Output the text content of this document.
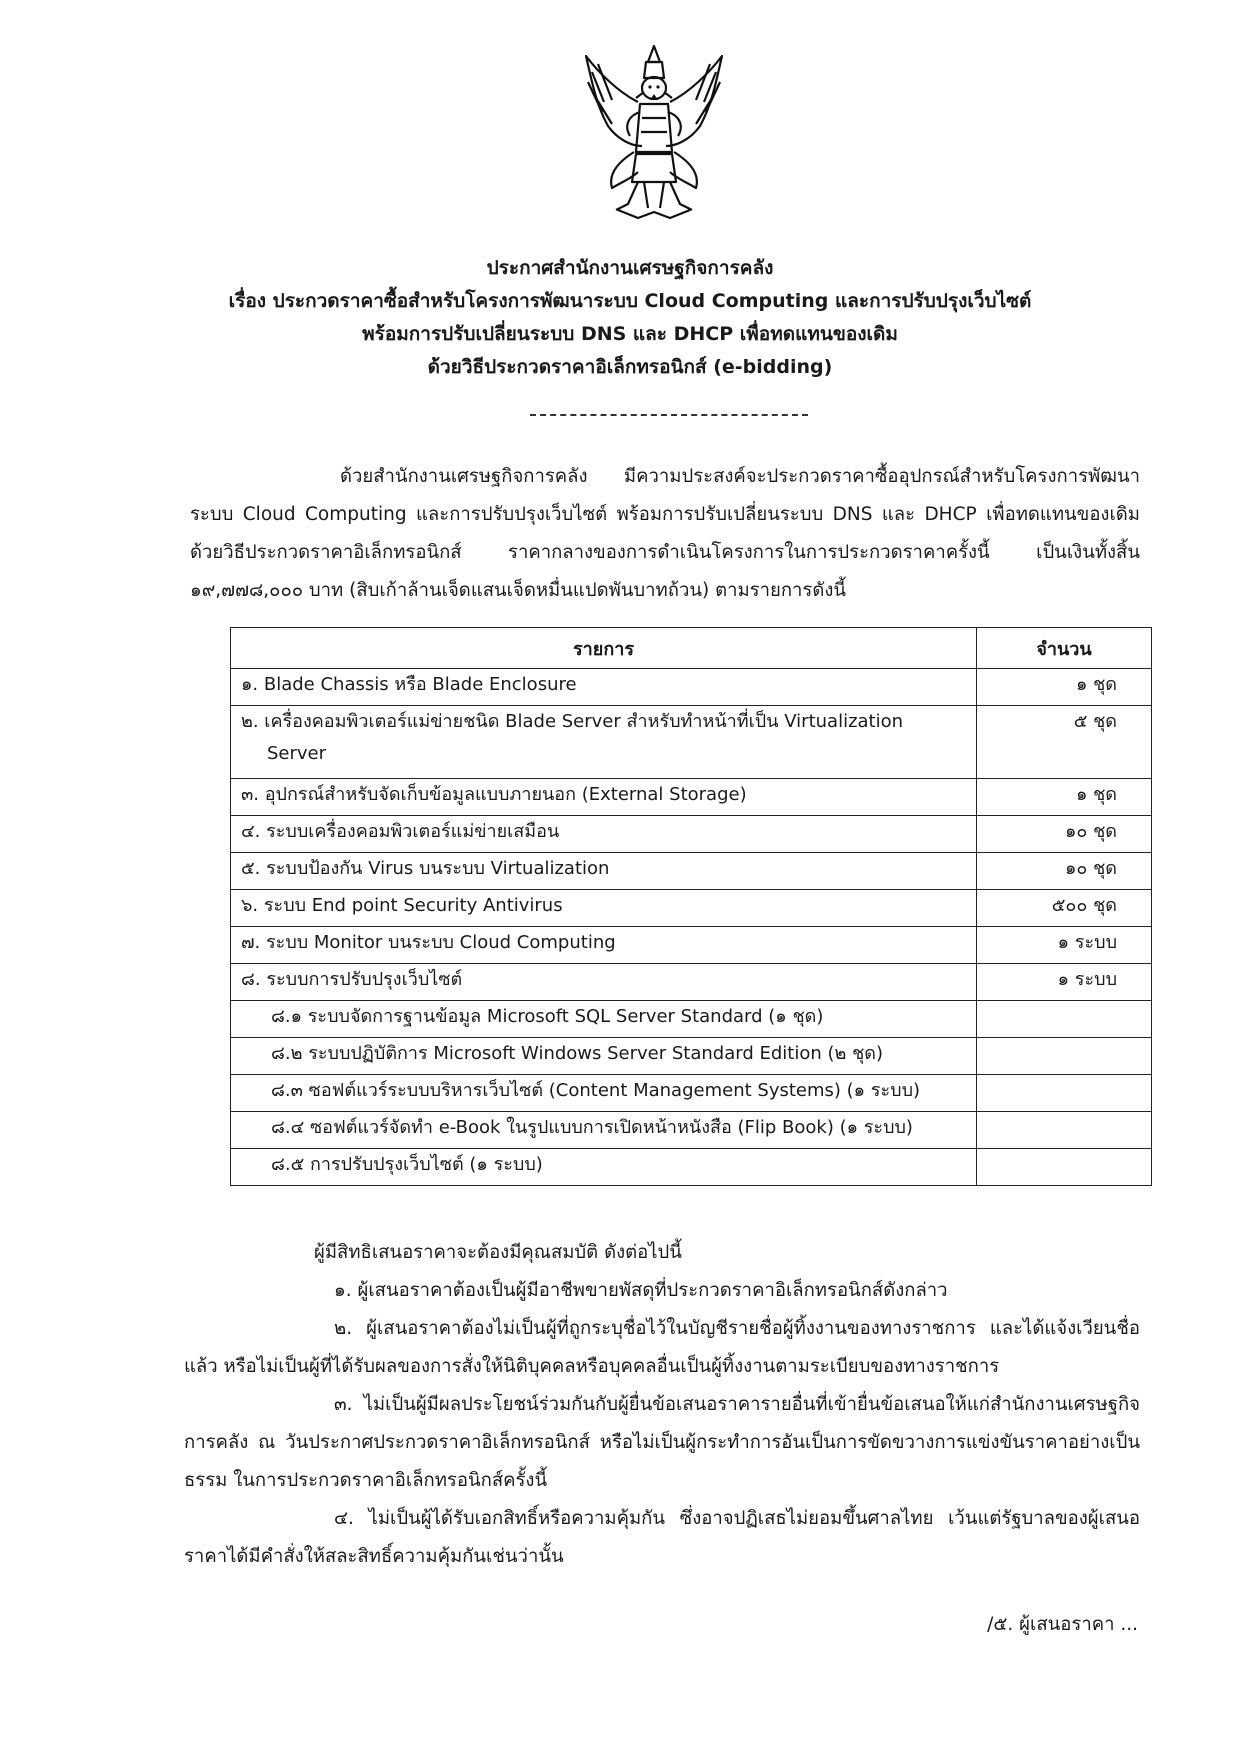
ประกาศสำนักงานเศรษฐกิจการคลัง
เรื่อง ประกวดราคาซื้อสำหรับโครงการพัฒนาระบบ Cloud Computing และการปรับปรุงเว็บไซต์
พร้อมการปรับเปลี่ยนระบบ DNS และ DHCP เพื่อทดแทนของเดิม
ด้วยวิธีประกวดราคาอิเล็กทรอนิกส์ (e-bidding)
ด้วยสำนักงานเศรษฐกิจการคลัง มีความประสงค์จะประกวดราคาซื้ออุปกรณ์สำหรับโครงการพัฒนาระบบ Cloud Computing และการปรับปรุงเว็บไซต์ พร้อมการปรับเปลี่ยนระบบ DNS และ DHCP เพื่อทดแทนของเดิม ด้วยวิธีประกวดราคาอิเล็กทรอนิกส์ ราคากลางของการดำเนินโครงการในการประกวดราคาครั้งนี้ เป็นเงินทั้งสิ้น ๑๙,๗๗๘,๐๐๐ บาท (สิบเก้าล้านเจ็ดแสนเจ็ดหมื่นแปดพันบาทถ้วน) ตามรายการดังนี้
รายการ	จำนวน
๑. Blade Chassis หรือ Blade Enclosure	๑ ชุด
๒. เครื่องคอมพิวเตอร์แม่ข่ายชนิด Blade Server สำหรับทำหน้าที่เป็น Virtualization
Server	๕ ชุด
๓. อุปกรณ์สำหรับจัดเก็บข้อมูลแบบภายนอก (External Storage)	๑ ชุด
๔. ระบบเครื่องคอมพิวเตอร์แม่ข่ายเสมือน	๑๐ ชุด
๕. ระบบป้องกัน Virus บนระบบ Virtualization	๑๐ ชุด
๖. ระบบ End point Security Antivirus	๕๐๐ ชุด
๗. ระบบ Monitor บนระบบ Cloud Computing	๑ ระบบ
๘. ระบบการปรับปรุงเว็บไซต์	๑ ระบบ
๘.๑ ระบบจัดการฐานข้อมูล Microsoft SQL Server Standard (๑ ชุด)	
๘.๒ ระบบปฏิบัติการ Microsoft Windows Server Standard Edition (๒ ชุด)	
๘.๓ ซอฟต์แวร์ระบบบริหารเว็บไซต์ (Content Management Systems) (๑ ระบบ)	
๘.๔ ซอฟต์แวร์จัดทำ e-Book ในรูปแบบการเปิดหน้าหนังสือ (Flip Book) (๑ ระบบ)	
๘.๕ การปรับปรุงเว็บไซต์ (๑ ระบบ)	
ผู้มีสิทธิเสนอราคาจะต้องมีคุณสมบัติ ดังต่อไปนี้
๑. ผู้เสนอราคาต้องเป็นผู้มีอาชีพขายพัสดุที่ประกวดราคาอิเล็กทรอนิกส์ดังกล่าว
๒. ผู้เสนอราคาต้องไม่เป็นผู้ที่ถูกระบุชื่อไว้ในบัญชีรายชื่อผู้ทิ้งงานของทางราชการ และได้แจ้งเวียนชื่อแล้ว หรือไม่เป็นผู้ที่ได้รับผลของการสั่งให้นิติบุคคลหรือบุคคลอื่นเป็นผู้ทิ้งงานตามระเบียบของทางราชการ
๓. ไม่เป็นผู้มีผลประโยชน์ร่วมกันกับผู้ยื่นข้อเสนอราคารายอื่นที่เข้ายื่นข้อเสนอให้แก่สำนักงานเศรษฐกิจการคลัง ณ วันประกาศประกวดราคาอิเล็กทรอนิกส์ หรือไม่เป็นผู้กระทำการอันเป็นการขัดขวางการแข่งขันราคาอย่างเป็นธรรม ในการประกวดราคาอิเล็กทรอนิกส์ครั้งนี้
๔. ไม่เป็นผู้ได้รับเอกสิทธิ์หรือความคุ้มกัน ซึ่งอาจปฏิเสธไม่ยอมขึ้นศาลไทย เว้นแต่รัฐบาลของผู้เสนอราคาได้มีคำสั่งให้สละสิทธิ์ความคุ้มกันเช่นว่านั้น
/๕. ผู้เสนอราคา ...
